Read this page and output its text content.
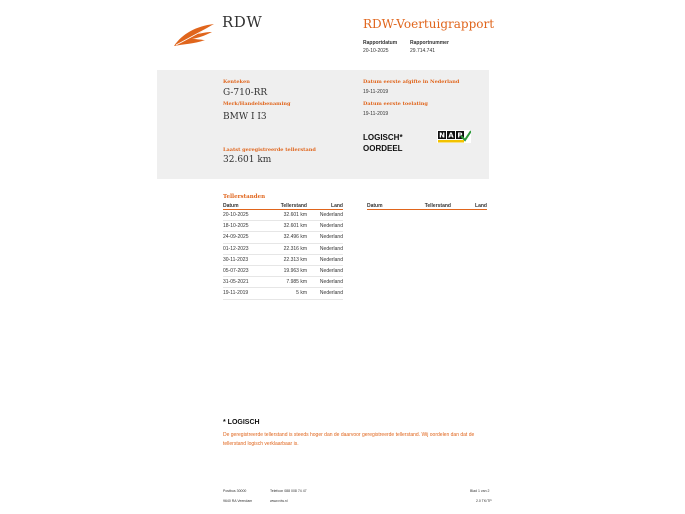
RDW	RDW-Voertuigrapport
Rapportdatum
20-10-2025
Rapportnummer
29.714.741
Kenteken
G-710-RR
Merk/Handelsbenaming
BMW I I3
Laatst geregistreerde tellerstand
32.601 km
Datum eerste afgifte in Nederland
19-11-2019
Datum eerste toelating
19-11-2019
LOGISCH*
OORDEEL
N A P
Tellerstanden
Datum	Tellerstand	Land
20-10-2025	32.601 km	Nederland
18-10-2025	32.601 km	Nederland
24-09-2025	32.496 km	Nederland
01-12-2023	22.316 km	Nederland
30-11-2023	22.313 km	Nederland
05-07-2023	19.963 km	Nederland
31-05-2021	7.985 km	Nederland
19-11-2019	5 km	Nederland
Datum	Tellerstand	Land
* LOGISCH
De geregistreerde tellerstand is steeds hoger dan de daarvoor geregistreerde tellerstand. Wij oordelen dan dat de tellerstand logisch verklaarbaar is.
Postbus 30000
9640 RA Veendam
Telefoon 088 008 74 47
www.rdw.nl
Blad 1 van 2
2.0 TK/TP
